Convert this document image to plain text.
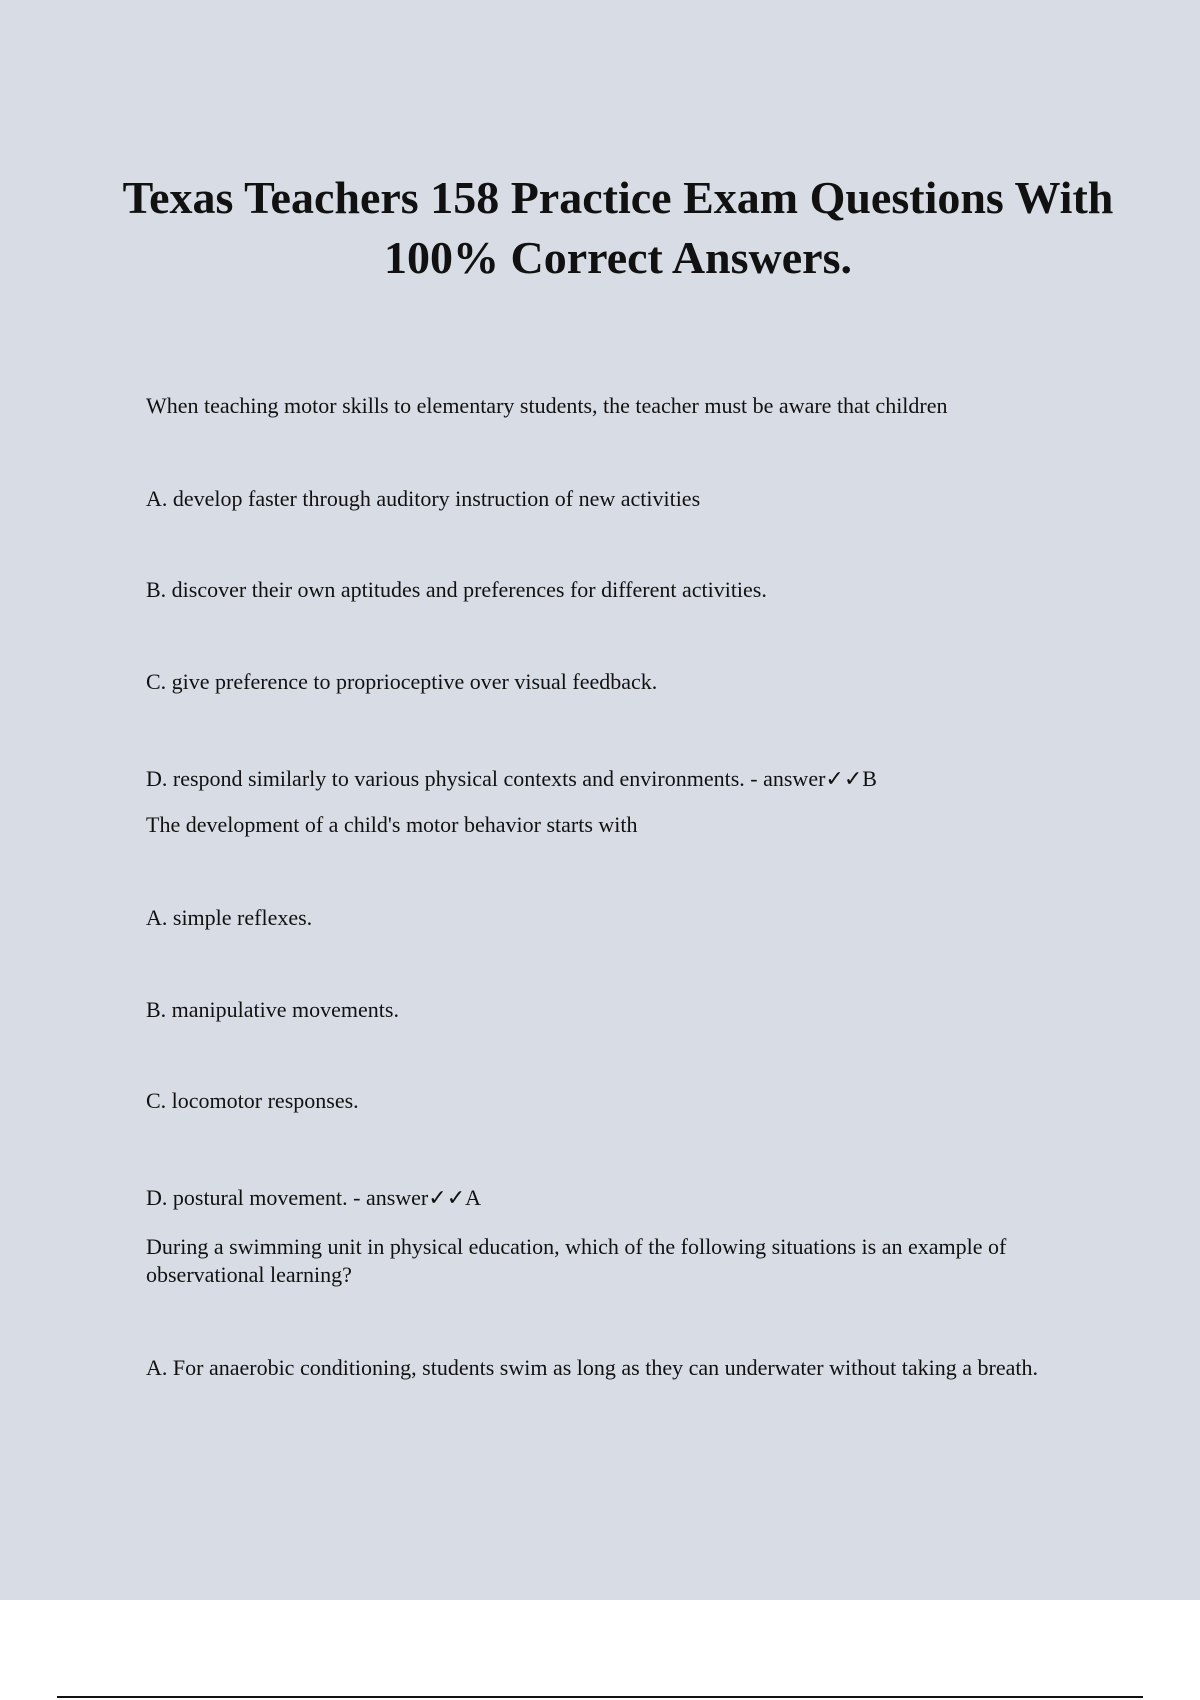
Texas Teachers 158 Practice Exam Questions With 100% Correct Answers.

When teaching motor skills to elementary students, the teacher must be aware that children

A. develop faster through auditory instruction of new activities

B. discover their own aptitudes and preferences for different activities.

C. give preference to proprioceptive over visual feedback.

D. respond similarly to various physical contexts and environments. - answer✓✓B

The development of a child's motor behavior starts with

A. simple reflexes.

B. manipulative movements.

C. locomotor responses.

D. postural movement. - answer✓✓A

During a swimming unit in physical education, which of the following situations is an example of observational learning?

A. For anaerobic conditioning, students swim as long as they can underwater without taking a breath.
